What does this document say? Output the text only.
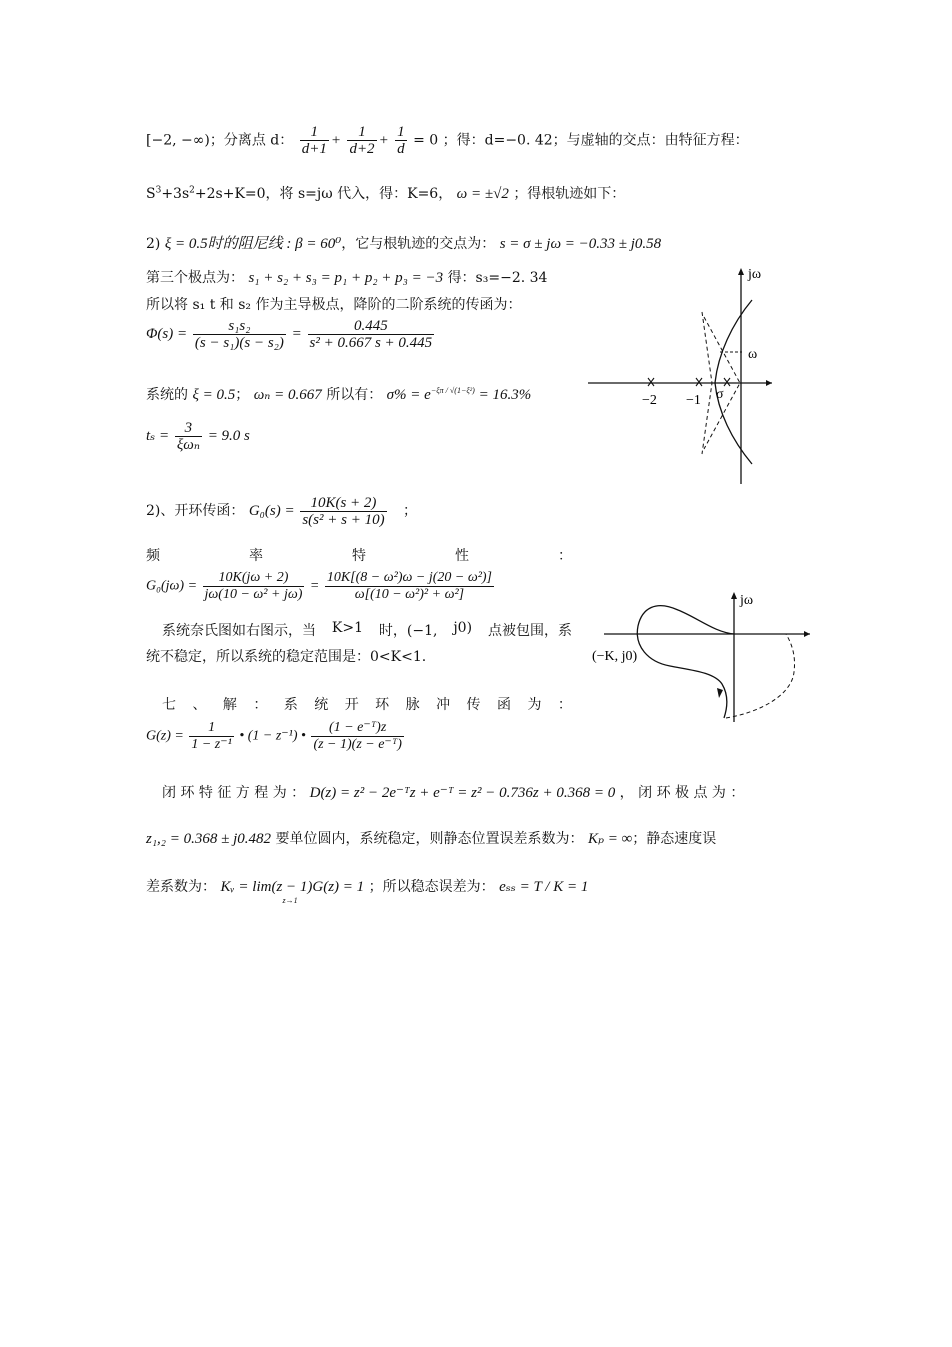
[−2, −∞)；分离点 d： $\frac{1}{d+1} + \frac{1}{d+2} + \frac{1}{d} = 0$ ；得：d=−0. 42；与虚轴的交点：由特征方程：
$S^3+3s^2+2s+K=0$，将 s=jω 代入，得：K=6， ω = ±√2 ；得根轨迹如下：
2) ξ = 0.5时的阻尼线 : β = 60⁰，它与根轨迹的交点为： s = σ ± jω = −0.33 ± j0.58
第三个极点为： s₁ + s₂ + s₃ = p₁ + p₂ + p₃ = −3 得：s₃=−2. 34
所以将 s₁ t 和 s₂ 作为主导极点，降阶的二阶系统的传函为：
$\Phi(s) = \frac{\text{s₁s₂}}{\text{(s − s₁)(s − s₂)}} = \frac{0.445}{\text{s² + 0.667 s + 0.445}}$
系统的 ξ = 0.5； ωₙ = 0.667 所以有： $\sigma\% = e^{-\xi\pi / √(1-\xi^2)} = 16.3\%$
$t_s = \frac{3}{\text{ξωₙ}} = 9.0$ s
2)、开环传函： $G_0(s) = \frac{10K(s + 2)}{\text{s(s² + s + 10)}}$ ；
频	率	特	性	：
$G_0(j\omega) = \frac{10K(j\omega + 2)}{\text{jω(10 − ω² + jω)}} = \frac{\text{10K[(8 − ω²)ω − j(20 − ω²)]}}{\text{ω[(10 − ω²)² + ω²]}}$
系统奈氏图如右图示，当 K>1 时，(−1, j0) 点被包围，系
统不稳定，所以系统的稳定范围是：0<K<1.
七 、 解 ： 系 统 开 环 脉 冲 传 函 为 ：
$G(z) = \frac{1}{\text{1 − z⁻¹}}$ • (1 − z⁻¹) • $\frac{\text{(1 − e⁻ᵀ)z}}{\text{(z − 1)(z − e⁻ᵀ)}}$
闭 环 特 征 方 程 为 ： D(z) = z² − 2e⁻ᵀz + e⁻ᵀ = z² − 0.736z + 0.368 = 0 ， 闭 环 极 点 为 ：
z₁,₂ = 0.368 ± j0.482 要单位圆内，系统稳定，则静态位置误差系数为： Kₚ = ∞；静态速度误
差系数为： Kᵥ = lim(z − 1)G(z) = 1
z→1
；所以稳态误差为： eₛₛ = T / K = 1
jω
ω
σ
−2 −1
jω
(−K, j0)
